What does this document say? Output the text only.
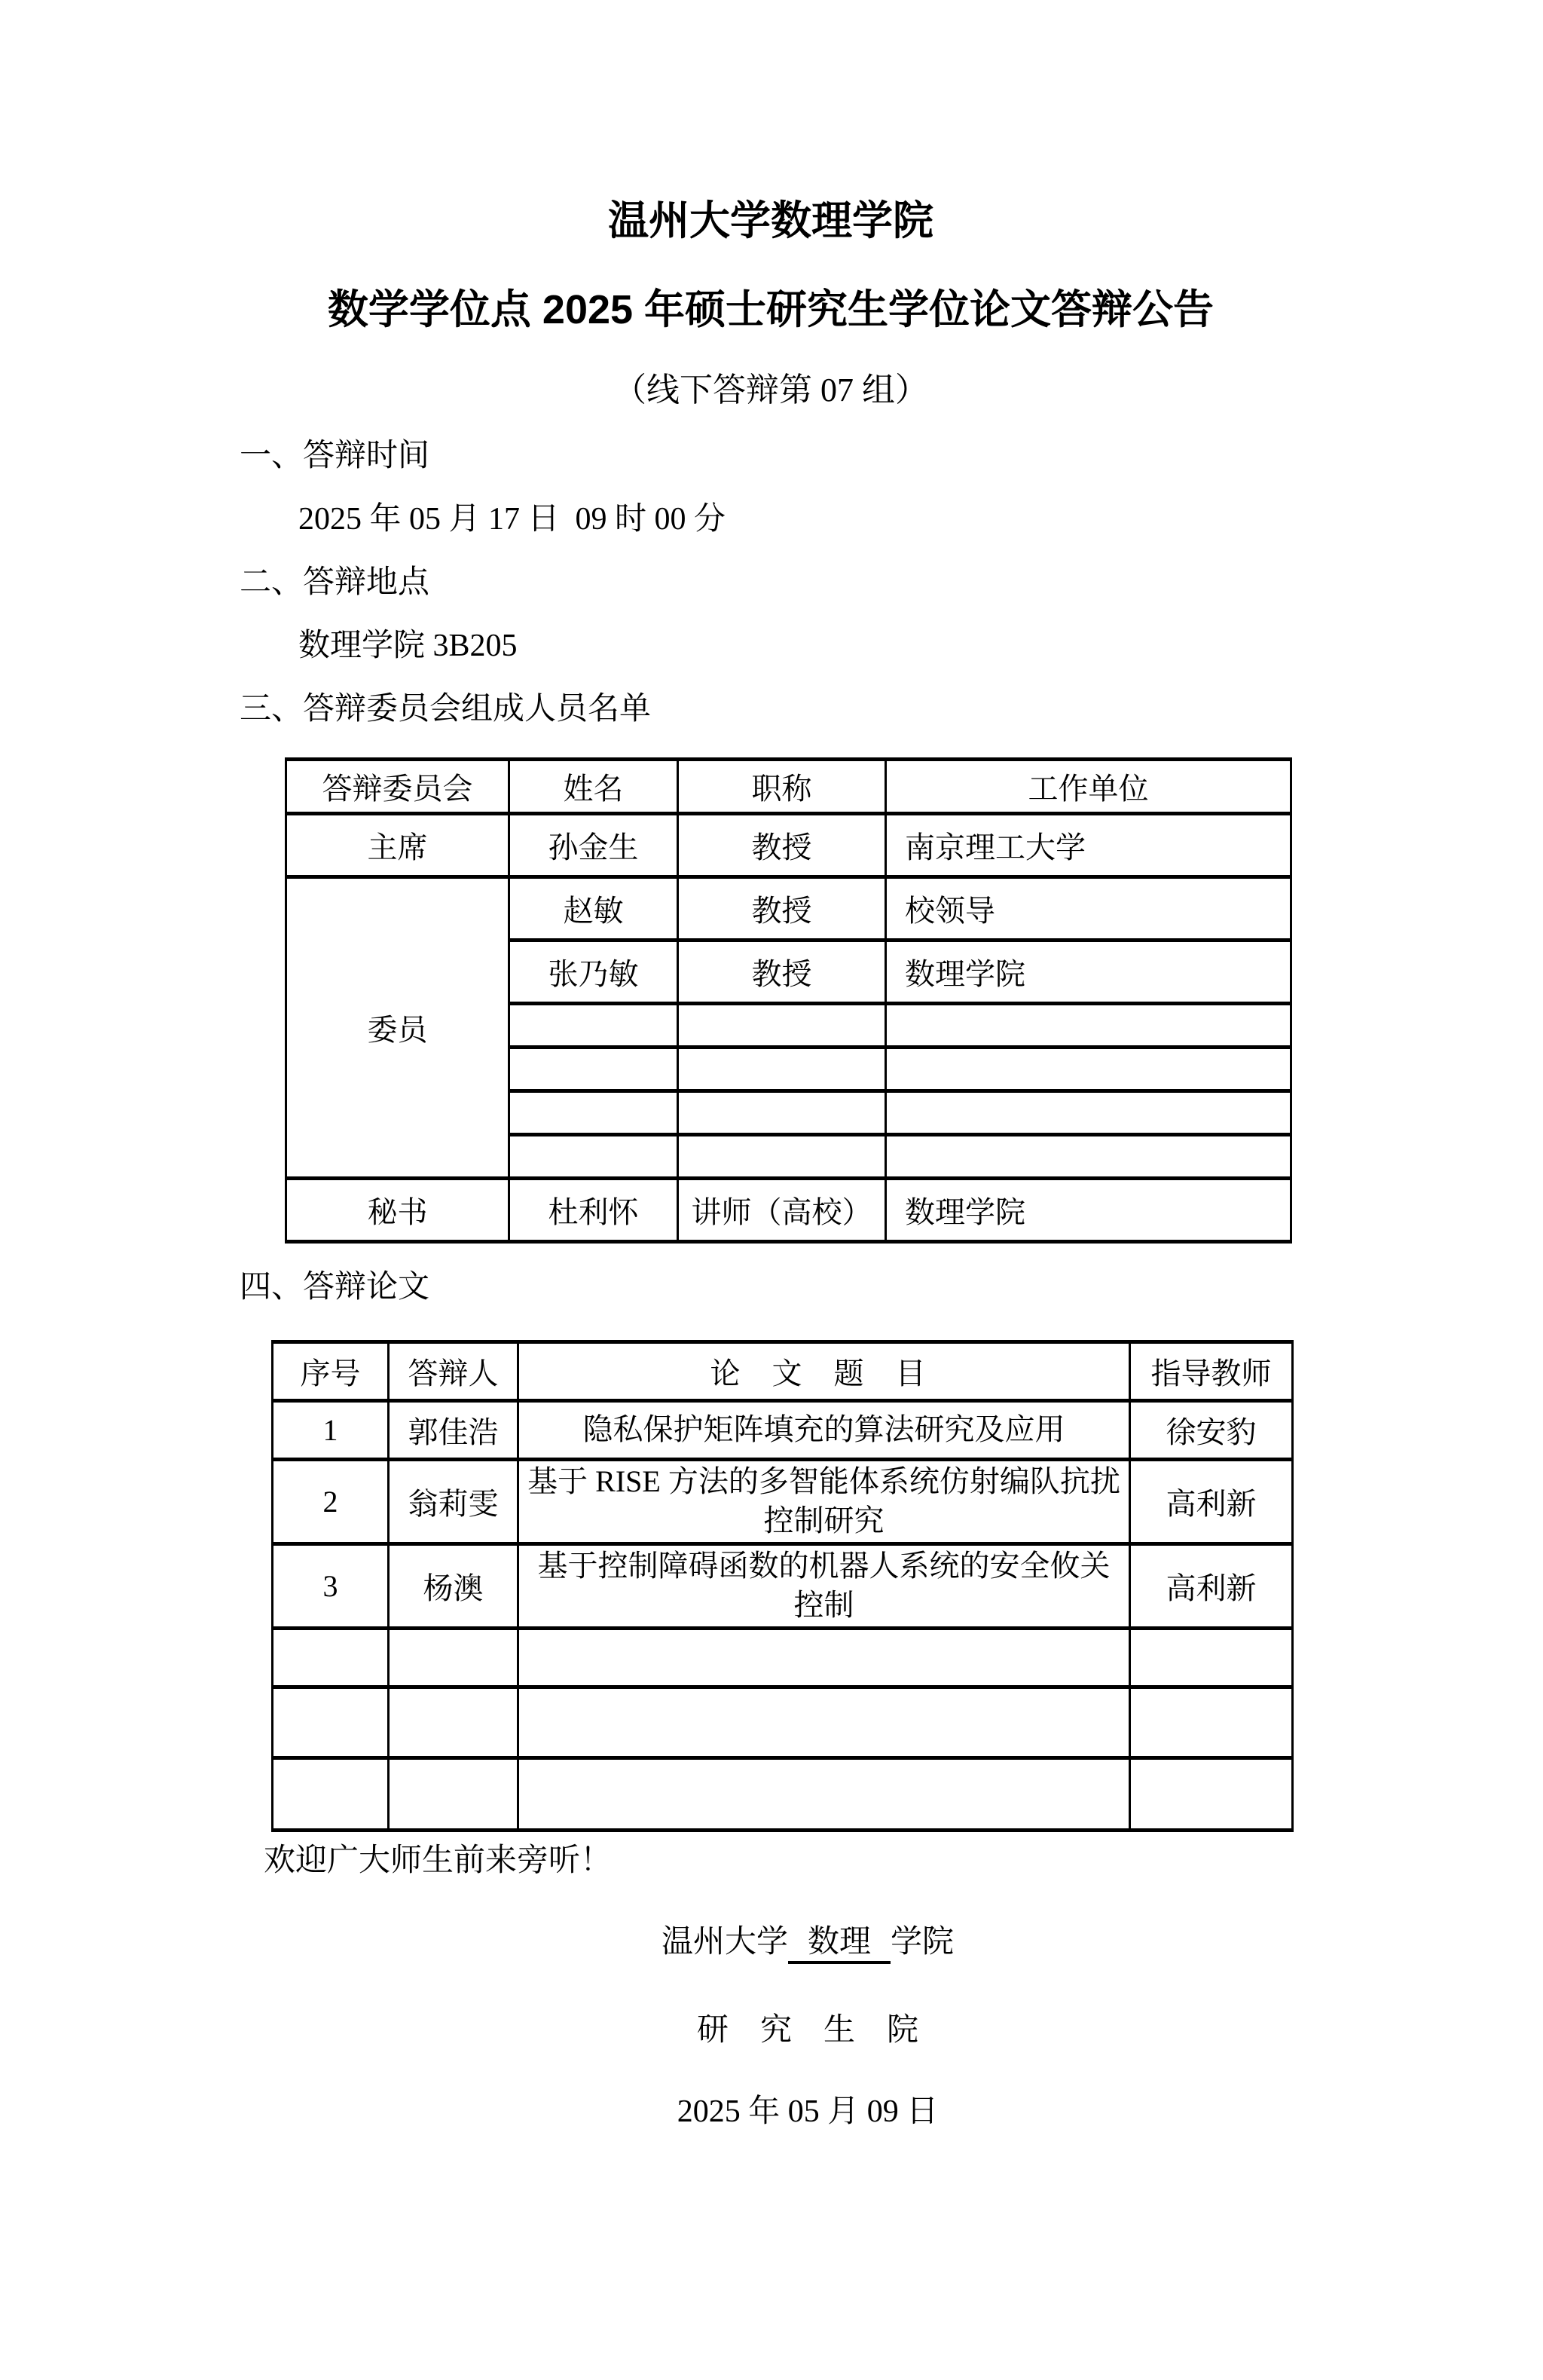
温州大学数理学院
数学学位点 2025 年硕士研究生学位论文答辩公告
（线下答辩第 07 组）
一、答辩时间
2025 年 05 月 17 日  09 时 00 分
二、答辩地点
数理学院 3B205
三、答辩委员会组成人员名单
答辩委员会	姓名	职称	工作单位
主席	孙金生	教授	南京理工大学
委员	赵敏	教授	校领导
	张乃敏	教授	数理学院

秘书	杜利怀	讲师（高校）	数理学院
四、答辩论文
序号	答辩人	论 文 题 目	指导教师
1	郭佳浩	隐私保护矩阵填充的算法研究及应用	徐安豹
2	翁莉雯	基于 RISE 方法的多智能体系统仿射编队抗扰控制研究	高利新
3	杨澳	基于控制障碍函数的机器人系统的安全攸关控制	高利新

欢迎广大师生前来旁听！
温州大学 数理 学院
研　究　生　院
2025 年 05 月 09 日
